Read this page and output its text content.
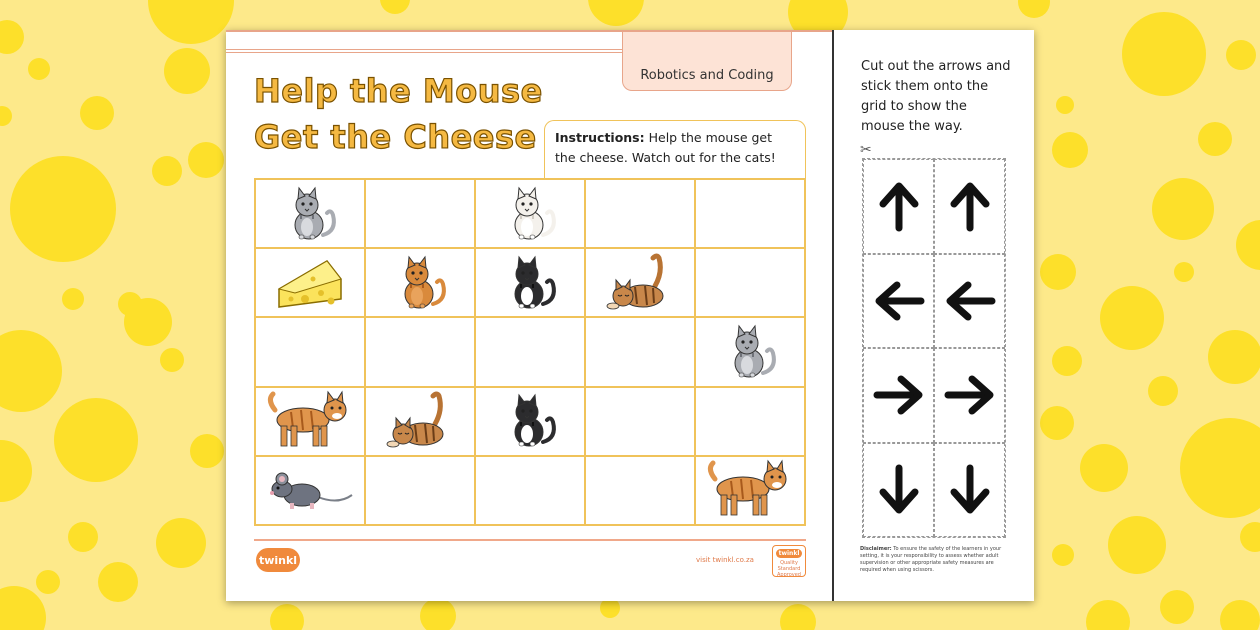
Robotics and Coding
Help the Mouse
Get the Cheese	Instructions: Help the mouse get the cheese. Watch out for the cats!
twinkl	visit twinkl.co.za
twinkl
Quality Standard Approved
Cut out the arrows and stick them onto the grid to show the mouse the way.
✂
Disclaimer: To ensure the safety of the learners in your setting, it is your responsibility to assess whether adult supervision or other appropriate safety measures are required when using scissors.
